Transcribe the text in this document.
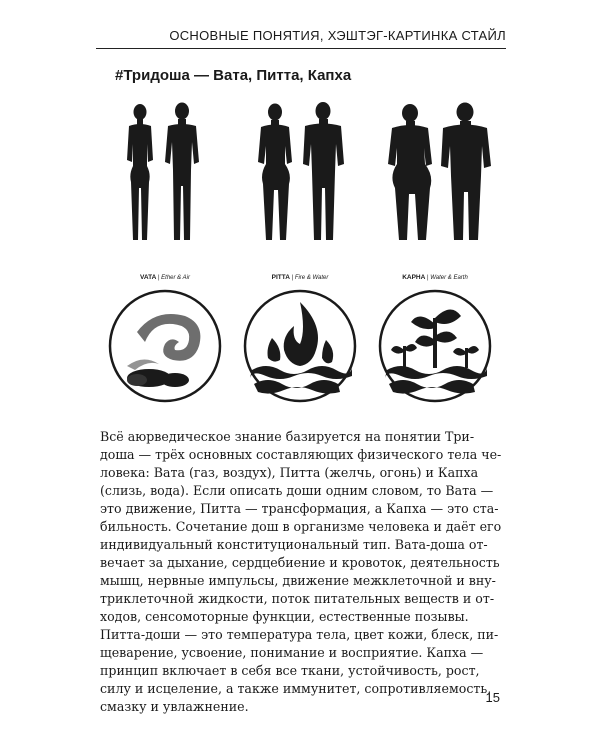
ОСНОВНЫЕ ПОНЯТИЯ, ХЭШТЭГ-КАРТИНКА СТАЙЛ
#Тридоша — Вата, Питта, Капха
VATA | Ether & Air	PITTA | Fire & Water	KAPHA | Water & Earth
Всё аюрведическое знание базируется на понятии Три-
доша — трёх основных составляющих физического тела че-
ловека: Вата (газ, воздух), Питта (желчь, огонь) и Капха
(слизь, вода). Если описать доши одним словом, то Вата —
это движение, Питта — трансформация, а Капха — это ста-
бильность. Сочетание дош в организме человека и даёт его
индивидуальный конституциональный тип. Вата-доша от-
вечает за дыхание, сердцебиение и кровоток, деятельность
мышц, нервные импульсы, движение межклеточной и вну-
триклеточной жидкости, поток питательных веществ и от-
ходов, сенсомоторные функции, естественные позывы.
Питта-доши — это температура тела, цвет кожи, блеск, пи-
щеварение, усвоение, понимание и восприятие. Капха —
принцип включает в себя все ткани, устойчивость, рост,
силу и исцеление, а также иммунитет, сопротивляемость,
смазку и увлажнение.
15
